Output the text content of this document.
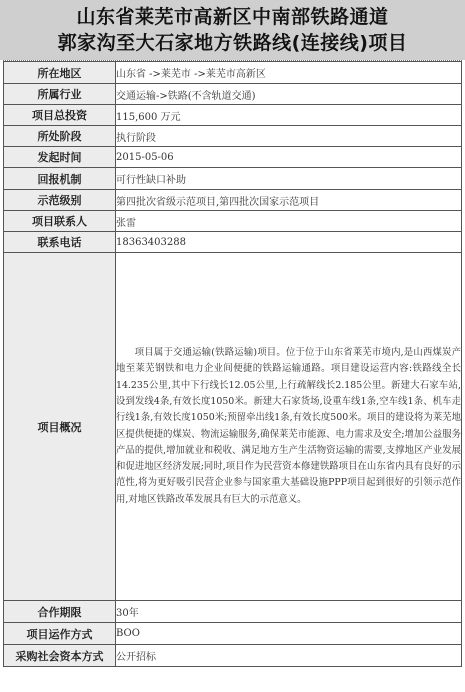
山东省莱芜市高新区中南部铁路通道
郭家沟至大石家地方铁路线(连接线)项目
所在地区	山东省 ->莱芜市 ->莱芜市高新区
所属行业	交通运输->铁路(不含轨道交通)
项目总投资	115,600 万元
所处阶段	执行阶段
发起时间	2015-05-06
回报机制	可行性缺口补助
示范级别	第四批次省级示范项目,第四批次国家示范项目
项目联系人	张雷
联系电话	18363403288
项目概况	项目属于交通运输(铁路运输)项目。位于位于山东省莱芜市境内,是山西煤炭产地至莱芜钢铁和电力企业间便捷的铁路运输通路。项目建设运营内容:铁路线全长14.235公里,其中下行线长12.05公里,上行疏解线长2.185公里。新建大石家车站,设到发线4条,有效长度1050米。新建大石家货场,设重车线1条,空车线1条、机车走行线1条,有效长度1050米;预留牵出线1条,有效长度500米。项目的建设将为莱芜地区提供便捷的煤炭、物流运输服务,确保莱芜市能源、电力需求及安全;增加公益服务产品的提供,增加就业和税收、满足地方生产生活物资运输的需要,支撑地区产业发展和促进地区经济发展;同时,项目作为民营资本修建铁路项目在山东省内具有良好的示范性,将为更好吸引民营企业参与国家重大基础设施PPP项目起到很好的引领示范作用,对地区铁路改革发展具有巨大的示范意义。

合作期限	30年
项目运作方式	BOO
采购社会资本方式	公开招标
